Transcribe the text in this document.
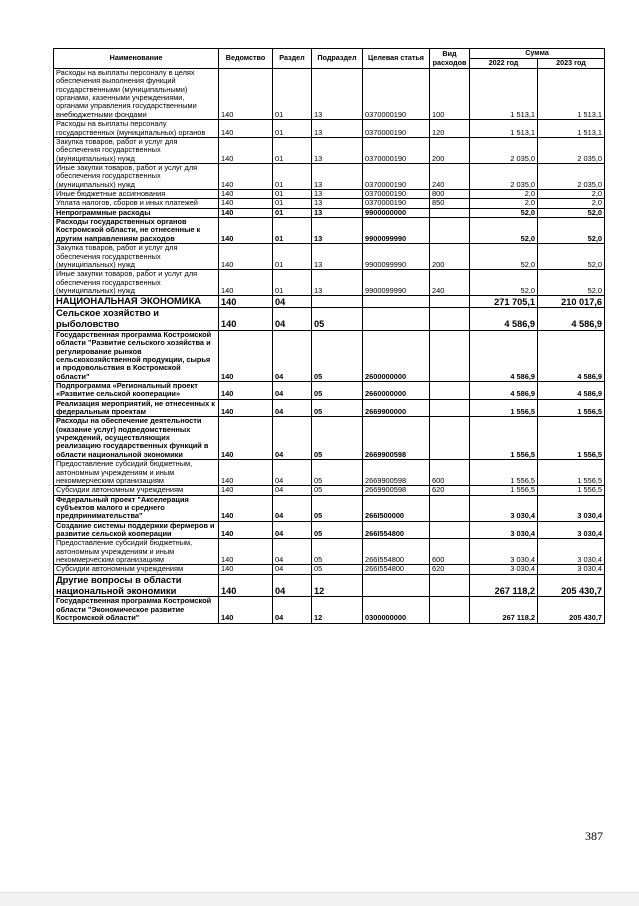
Наименование	Ведомство	Раздел	Подраздел	Целевая статья	Вид расходов	Сумма	
						2022 год	2023 год
Расходы на выплаты персоналу в целях обеспечения выполнения функций государственными (муниципальными) органами, казенными учреждениями, органами управления государственными внебюджетными фондами	140	01	13	0370000190	100	1 513,1	1 513,1
Расходы на выплаты персоналу государственных (муниципальных) органов	140	01	13	0370000190	120	1 513,1	1 513,1
Закупка товаров, работ и услуг для обеспечения государственных (муниципальных) нужд	140	01	13	0370000190	200	2 035,0	2 035,0
Иные закупки товаров, работ и услуг для обеспечения государственных (муниципальных) нужд	140	01	13	0370000190	240	2 035,0	2 035,0
Иные бюджетные ассигнования	140	01	13	0370000190	800	2,0	2,0
Уплата налогов, сборов и иных платежей	140	01	13	0370000190	850	2,0	2,0
Непрограммные расходы	140	01	13	9900000000		52,0	52,0
Расходы государственных органов Костромской области, не отнесенные к другим направлениям расходов	140	01	13	9900099990		52,0	52,0
Закупка товаров, работ и услуг для обеспечения государственных (муниципальных) нужд	140	01	13	9900099990	200	52,0	52,0
Иные закупки товаров, работ и услуг для обеспечения государственных (муниципальных) нужд	140	01	13	9900099990	240	52,0	52,0
НАЦИОНАЛЬНАЯ ЭКОНОМИКА	140	04				271 705,1	210 017,6
Сельское хозяйство и рыболовство	140	04	05			4 586,9	4 586,9
Государственная программа Костромской области "Развитие сельского хозяйства и регулирование рынков сельскохозяйственной продукции, сырья и продовольствия в Костромской области"	140	04	05	2600000000		4 586,9	4 586,9
Подпрограмма «Региональный проект «Развитие сельской кооперации»	140	04	05	2660000000		4 586,9	4 586,9
Реализация мероприятий, не отнесенных к федеральным проектам	140	04	05	2669900000		1 556,5	1 556,5
Расходы на обеспечение деятельности (оказание услуг) подведомственных учреждений, осуществляющих реализацию государственных функций в области национальной экономики	140	04	05	2669900598		1 556,5	1 556,5
Предоставление субсидий бюджетным, автономным учреждениям и иным некоммерческим организациям	140	04	05	2669900598	600	1 556,5	1 556,5
Субсидии автономным учреждениям	140	04	05	2669900598	620	1 556,5	1 556,5
Федеральный проект "Акселерация субъектов малого и среднего предпринимательства"	140	04	05	266I500000		3 030,4	3 030,4
Создание системы поддержки фермеров и развитие сельской кооперации	140	04	05	266I554800		3 030,4	3 030,4
Предоставление субсидий бюджетным, автономным учреждениям и иным некоммерческим организациям	140	04	05	266I554800	600	3 030,4	3 030,4
Субсидии автономным учреждениям	140	04	05	266I554800	620	3 030,4	3 030,4
Другие вопросы в области национальной экономики	140	04	12			267 118,2	205 430,7
Государственная программа Костромской области "Экономическое развитие Костромской области"	140	04	12	0300000000		267 118,2	205 430,7
387
